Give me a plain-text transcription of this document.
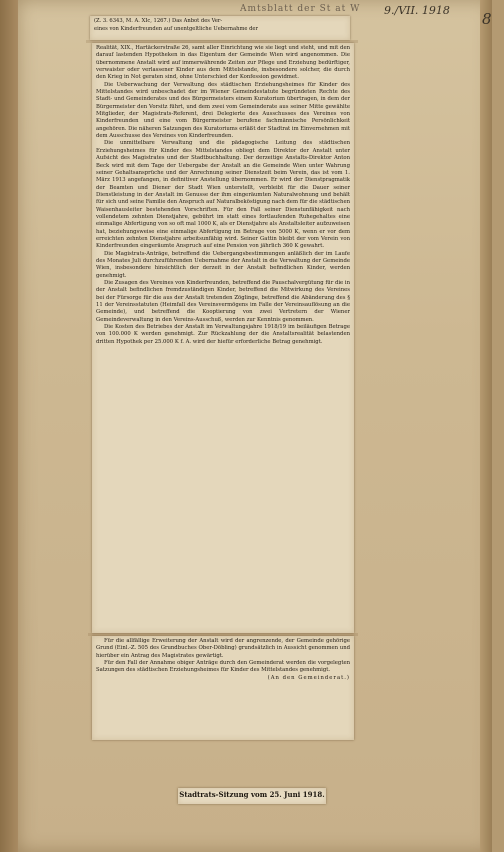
Amtsblatt der St at W	9./VII. 1918 8
(Z. 3. 6343, M. A. XIc, 1267.) Das Anbot des Ver-
eines von Kinderfreunden auf unentgeltliche Uebernahme der

Realität, XIX., Hartäckerstraße 26, samt aller Einrichtung wie sie liegt und steht, und mit den darauf lastenden Hypotheken in das Eigentum der Gemeinde Wien wird angenommen. Die übernommene Anstalt wird auf immerwährende Zeiten zur Pflege und Erziehung bedürftiger, verwaister oder verlassener Kinder aus dem Mittelstande, insbesondere solcher, die durch den Krieg in Not geraten sind, ohne Unterschied der Konfession gewidmet.

Die Ueberwachung der Verwaltung des städtischen Erziehungsheimes für Kinder des Mittelstandes wird unbeschadet der im Wiener Gemeindestatute begründeten Rechte des Stadt- und Gemeinderates und des Bürgermeisters einem Kuratorium übertragen, in dem der Bürgermeister den Vorsitz führt, und dem zwei vom Gemeinderate aus seiner Mitte gewählte Mitglieder, der Magistrats-Referent, drei Delegierte des Ausschusses des Vereines von Kinderfreunden und eine vom Bürgermeister berufene fachmännische Persönlichkeit angehören. Die näheren Satzungen des Kuratoriums erläßt der Stadtrat im Einvernehmen mit dem Ausschusse des Vereines von Kinderfreunden.

Die unmittelbare Verwaltung und die pädagogische Leitung des städtischen Erziehungsheimes für Kinder des Mittelstandes obliegt dem Direktor der Anstalt unter Aufsicht des Magistrates und der Stadtbuchhaltung. Der derzeitige Anstalts-Direktor Anton Beck wird mit dem Tage der Uebergabe der Anstalt an die Gemeinde Wien unter Wahrung seiner Gehaltsansprüche und der Anrechnung seiner Dienstzeit beim Verein, das ist vom 1. März 1913 angefangen, in definitiver Anstellung übernommen. Er wird der Dienstpragmatik der Beamten und Diener der Stadt Wien unterstellt, verbleibt für die Dauer seiner Dienstleistung in der Anstalt im Genusse der ihm eingeräumten Naturalwohnung und behält für sich und seine Familie den Anspruch auf Naturalbeköstigung nach dem für die städtischen Waisenhausleiter bestehenden Vorschriften. Für den Fall seiner Dienstunfähigkeit nach vollendetem zehnten Dienstjahre, gebührt im statt eines fortlaufenden Ruhegehaltes eine einmalige Abfertigung von so oft mal 1000 K, als er Dienstjahre als Anstaltsleiter aufzuweisen hat, beziehungsweise eine einmalige Abfertigung im Betrage von 5000 K, wenn er vor dem erreichten zehnten Dienstjahre arbeitsunfähig wird. Seiner Gattin bleibt der vom Verein von Kinderfreunden eingeräumte Anspruch auf eine Pension von jährlich 360 K gewahrt.

Die Magistrats-Anträge, betreffend die Uebergangsbestimmungen anläßlich der im Laufe des Monates Juli durchzuführenden Uebernahme der Anstalt in die Verwaltung der Gemeinde Wien, insbesondere hinsichtlich der derzeit in der Anstalt befindlichen Kinder, werden genehmigt.

Die Zusagen des Vereines von Kinderfreunden, betreffend die Pauschalvergütung für die in der Anstalt befindlichen fremdzuständigen Kinder, betreffend die Mitwirkung des Vereines bei der Fürsorge für die aus der Anstalt tretenden Zöglinge, betreffend die Abänderung des § 11 der Vereinsstatuten (Heimfall des Vereinsvermögens im Falle der Vereinsauflösung an die Gemeinde), und betreffend die Kooptierung von zwei Vertretern der Wiener Gemeindeverwaltung in den Vereins-Ausschuß, werden zur Kenntnis genommen.

Die Kosten des Betriebes der Anstalt im Verwaltungsjahre 1918/19 im beiläufigen Betrage von 100.000 K werden genehmigt. Zur Rückzahlung der die Anstaltsrealität belastenden dritten Hypothek per 25.000 K f. A. wird der hiefür erforderliche Betrag genehmigt.

Für die allfällige Erweiterung der Anstalt wird der angrenzende, der Gemeinde gehörige Grund (Einl.-Z. 505 des Grundbuches Ober-Döbling) grundsätzlich in Aussicht genommen und hierüber ein Antrag des Magistrates gewärtigt.

Für den Fall der Annahme obiger Anträge durch den Gemeinderat werden die vorgelegten Satzungen des städtischen Erziehungsheimes für Kinder des Mittelstandes genehmigt.

(An den Gemeinderat.)
Stadtrats-Sitzung vom 25. Juni 1918.
